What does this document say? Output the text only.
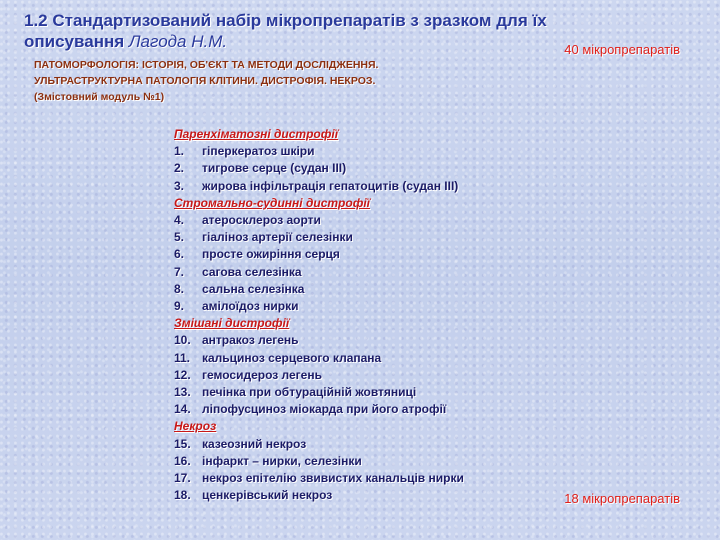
1.2 Стандартизований набір мікропрепаратів з зразком для їх
описування Лагода Н.М.	40 мікропрепаратів
ПАТОМОРФОЛОГІЯ: ІСТОРІЯ, ОБ'ЄКТ ТА МЕТОДИ ДОСЛІДЖЕННЯ.
УЛЬТРАСТРУКТУРНА ПАТОЛОГІЯ КЛІТИНИ. ДИСТРОФІЯ. НЕКРОЗ.
(Змістовний модуль №1)
Паренхіматозні дистрофії
1.	гіперкератоз шкіри
2.	тигрове серце (судан ІІІ)
3.	жирова інфільтрація гепатоцитів (судан ІІІ)
Стромально-судинні дистрофії
4.	атеросклероз аорти
5.	гіаліноз артерії селезінки
6.	просте ожиріння серця
7.	сагова селезінка
8.	сальна селезінка
9.	амілоїдоз нирки
Змішані дистрофії
10. антракоз легень
11. кальциноз серцевого клапана
12. гемосидероз легень
13. печінка при обтураційній жовтяниці
14. ліпофусциноз міокарда при його атрофії
Некроз
15. казеозний некроз
16. інфаркт – нирки, селезінки
17. некроз епітелію звивистих канальців нирки
18. ценкерівський некроз	18 мікропрепаратів
